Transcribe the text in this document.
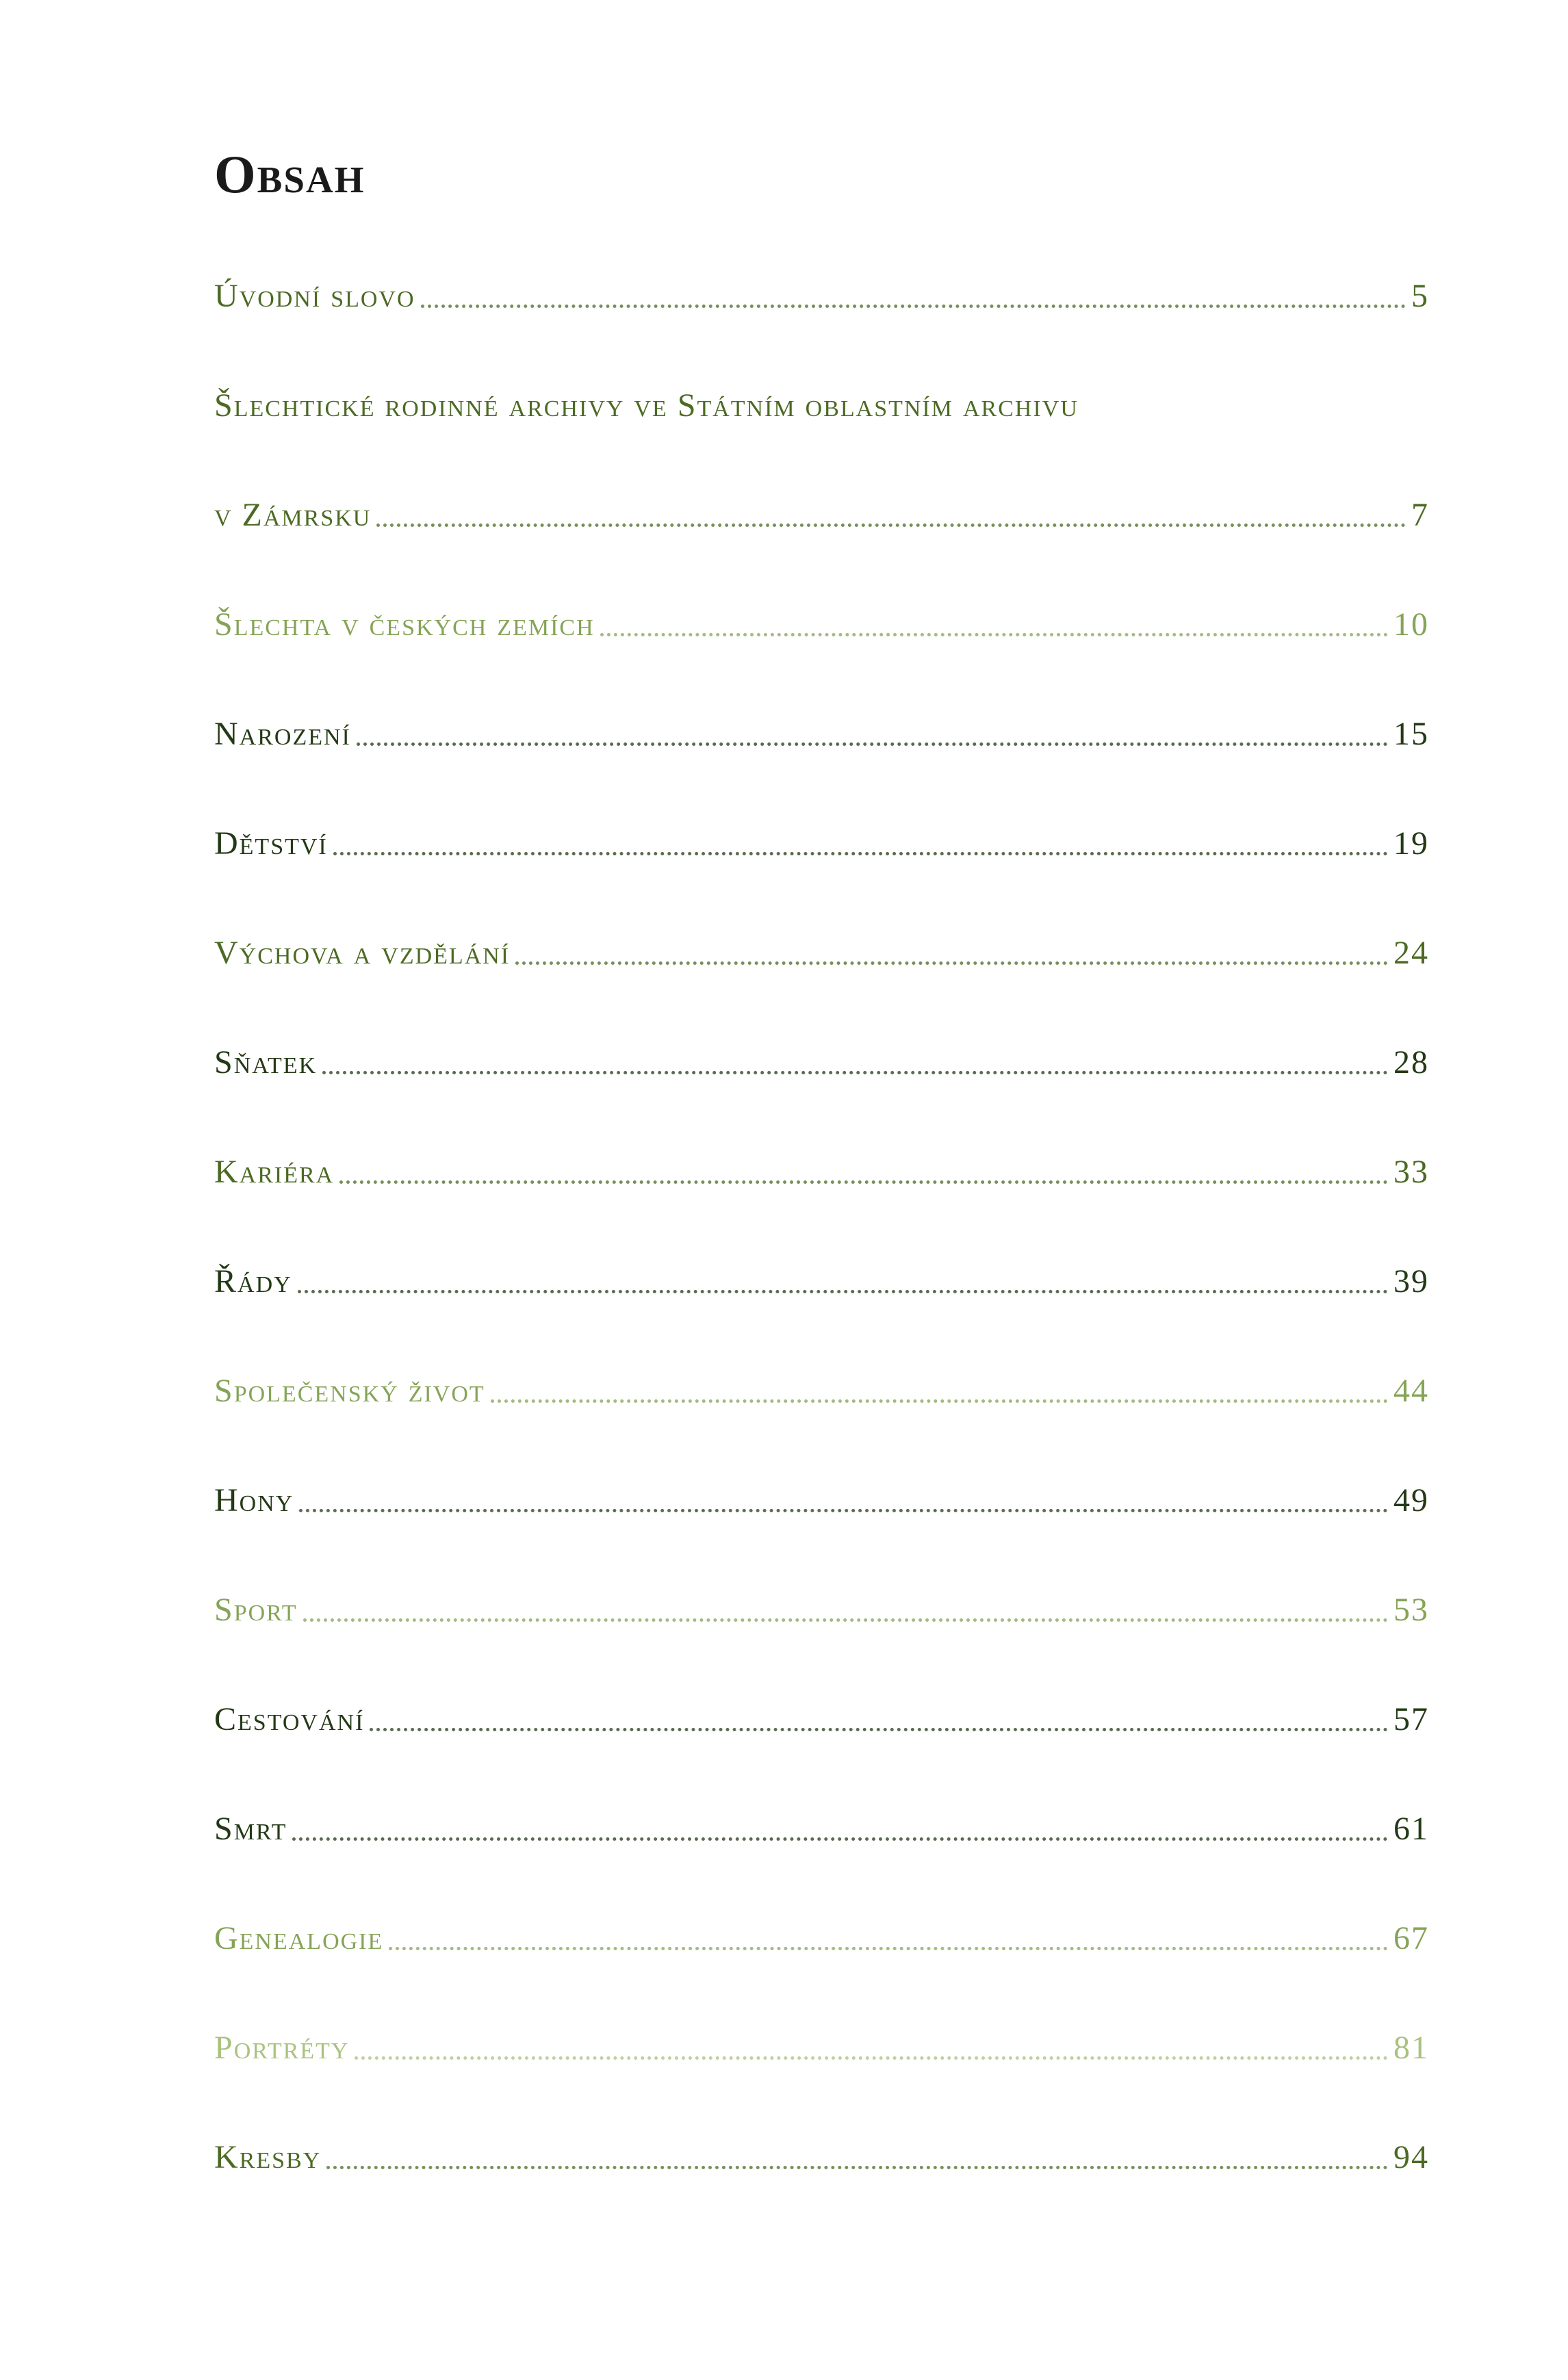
Obsah
Úvodní slovo	5
Šlechtické rodinné archivy ve Státním oblastním archivu
v Zámrsku	7
Šlechta v českých zemích	10
Narození	15
Dětství	19
Výchova a vzdělání	24
Sňatek	28
Kariéra	33
Řády	39
Společenský život	44
Hony	49
Sport	53
Cestování	57
Smrt	61
Genealogie	67
Portréty	81
Kresby	94
